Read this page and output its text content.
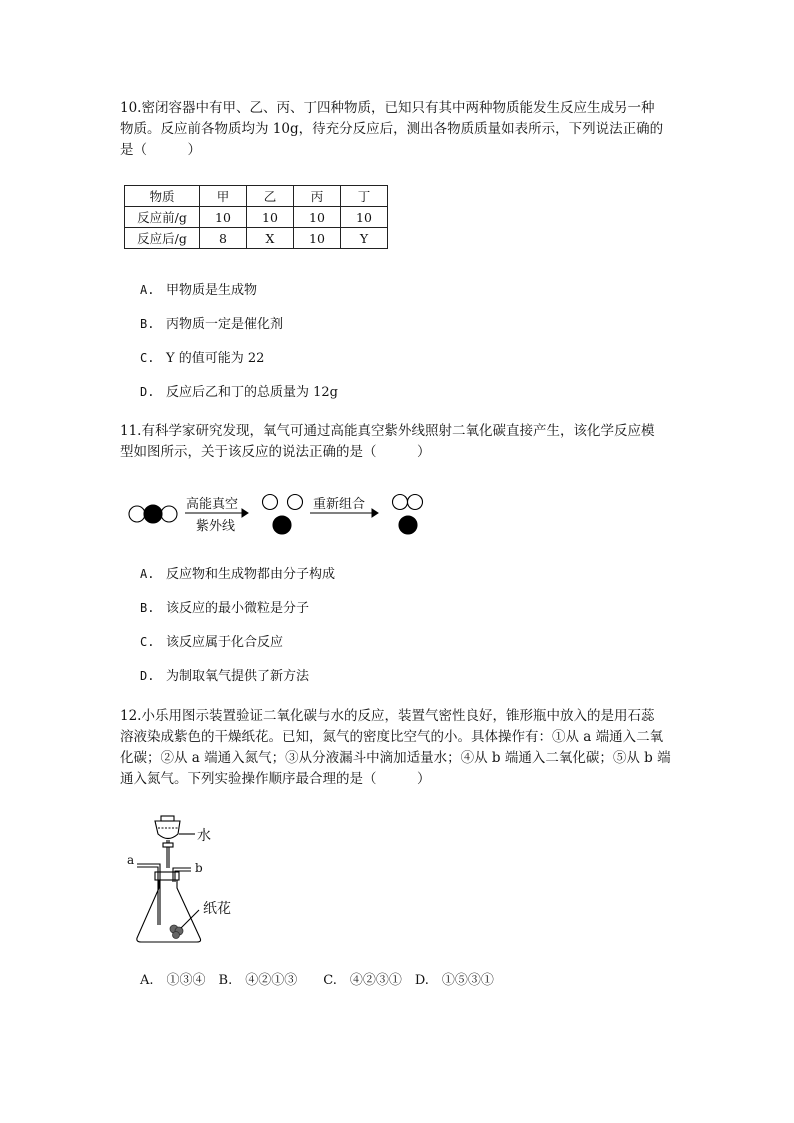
10.密闭容器中有甲、乙、丙、丁四种物质，已知只有其中两种物质能发生反应生成另一种
物质。反应前各物质均为 10g，待充分反应后，测出各物质质量如表所示，下列说法正确的
是（　　　）
物质	甲	乙	丙	丁
反应前/g	10	10	10	10
反应后/g	8	X	10	Y
A. 甲物质是生成物
B. 丙物质一定是催化剂
C. Y 的值可能为 22
D. 反应后乙和丁的总质量为 12g
11.有科学家研究发现，氧气可通过高能真空紫外线照射二氧化碳直接产生，该化学反应模
型如图所示，关于该反应的说法正确的是（　　　）
高能真空
紫外线
重新组合
A. 反应物和生成物都由分子构成
B. 该反应的最小微粒是分子
C. 该反应属于化合反应
D. 为制取氧气提供了新方法
12.小乐用图示装置验证二氧化碳与水的反应，装置气密性良好，锥形瓶中放入的是用石蕊
溶液染成紫色的干燥纸花。已知，氮气的密度比空气的小。具体操作有：①从 a 端通入二氧
化碳；②从 a 端通入氮气；③从分液漏斗中滴加适量水；④从 b 端通入二氧化碳；⑤从 b 端
通入氮气。下列实验操作顺序最合理的是（　　　）
水
a
b
纸花
A.　①③④　B.　④②①③　　C.　④②③①　D.　①⑤③①
